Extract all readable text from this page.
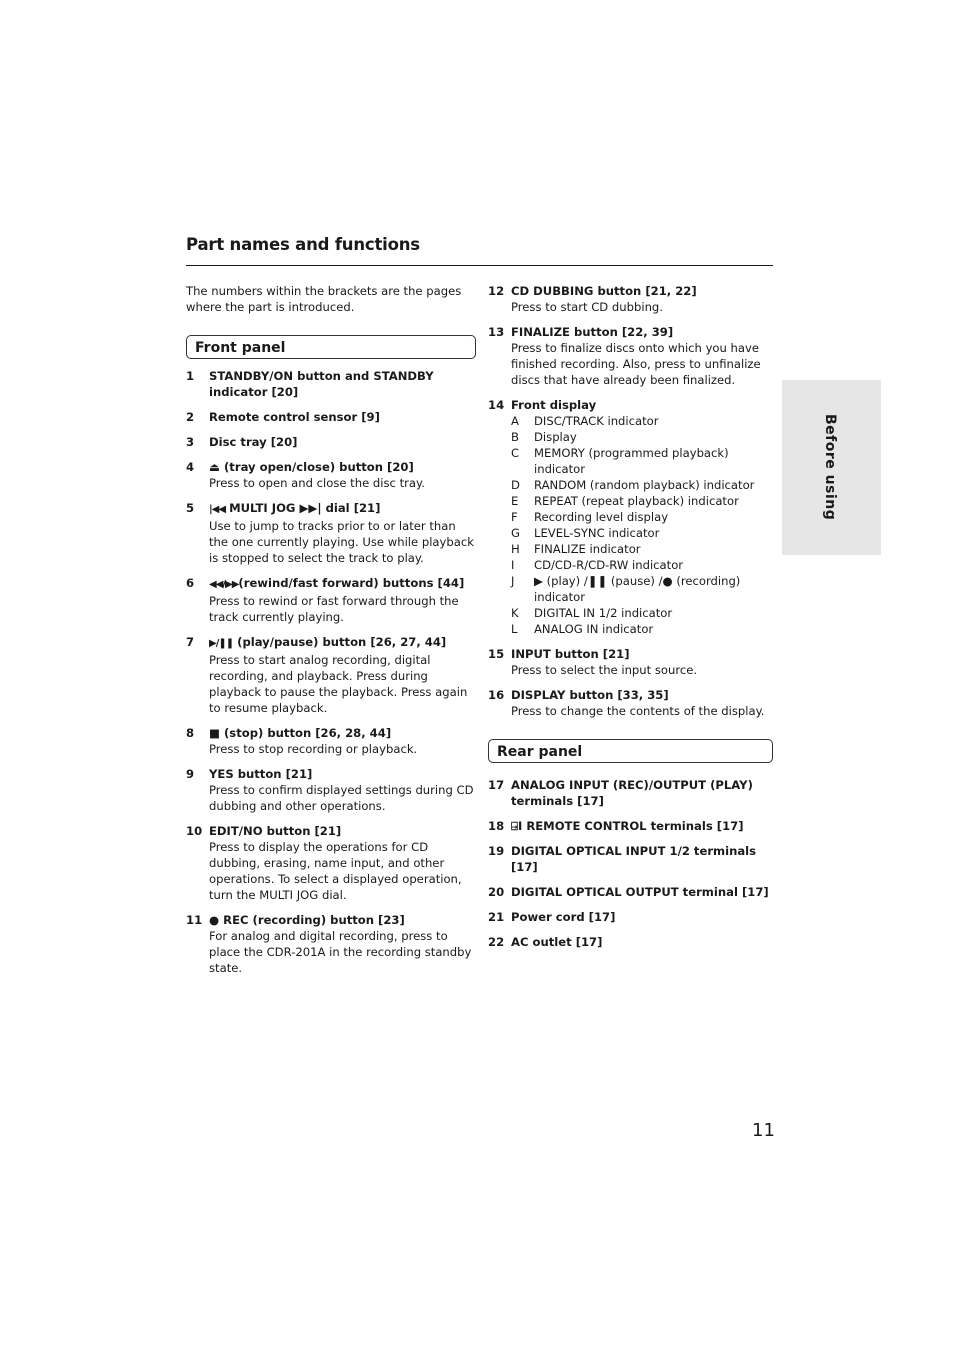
Part names and functions

The numbers within the brackets are the pages where the part is introduced.

Front panel
1	STANDBY/ON button and STANDBY indicator [20]
2	Remote control sensor [9]
3	Disc tray [20]
4	⏏ (tray open/close) button [20]
Press to open and close the disc tray.
5	|◀◀ MULTI JOG ▶▶| dial [21]
Use to jump to tracks prior to or later than the one currently playing. Use while playback is stopped to select the track to play.
6	◀◀/▶▶(rewind/fast forward) buttons [44]
Press to rewind or fast forward through the track currently playing.
7	▶/❚❚ (play/pause) button [26, 27, 44]
Press to start analog recording, digital recording, and playback. Press during playback to pause the playback. Press again to resume playback.
8	■ (stop) button [26, 28, 44]
Press to stop recording or playback.
9	YES button [21]
Press to confirm displayed settings during CD dubbing and other operations.
10 EDIT/NO button [21]
Press to display the operations for CD dubbing, erasing, name input, and other operations. To select a displayed operation, turn the MULTI JOG dial.
11 ● REC (recording) button [23]
For analog and digital recording, press to place the CDR-201A in the recording standby state.
12 CD DUBBING button [21, 22]
Press to start CD dubbing.
13 FINALIZE button [22, 39]
Press to finalize discs onto which you have finished recording. Also, press to unfinalize discs that have already been finalized.
14 Front display
A	DISC/TRACK indicator
B	Display
C	MEMORY (programmed playback) indicator
D	RANDOM (random playback) indicator
E	REPEAT (repeat playback) indicator
F	Recording level display
G	LEVEL-SYNC indicator
H	FINALIZE indicator
I	CD/CD-R/CD-RW indicator
J	▶ (play) /❚❚ (pause) /● (recording) indicator
K	DIGITAL IN 1/2 indicator
L	ANALOG IN indicator
15 INPUT button [21]
Press to select the input source.
16 DISPLAY button [33, 35]
Press to change the contents of the display.
Rear panel
17 ANALOG INPUT (REC)/OUTPUT (PLAY) terminals [17]
18 ⍈I REMOTE CONTROL terminals [17]
19 DIGITAL OPTICAL INPUT 1/2 terminals [17]
20 DIGITAL OPTICAL OUTPUT terminal [17]
21 Power cord [17]
22 AC outlet [17]
Before using
11
